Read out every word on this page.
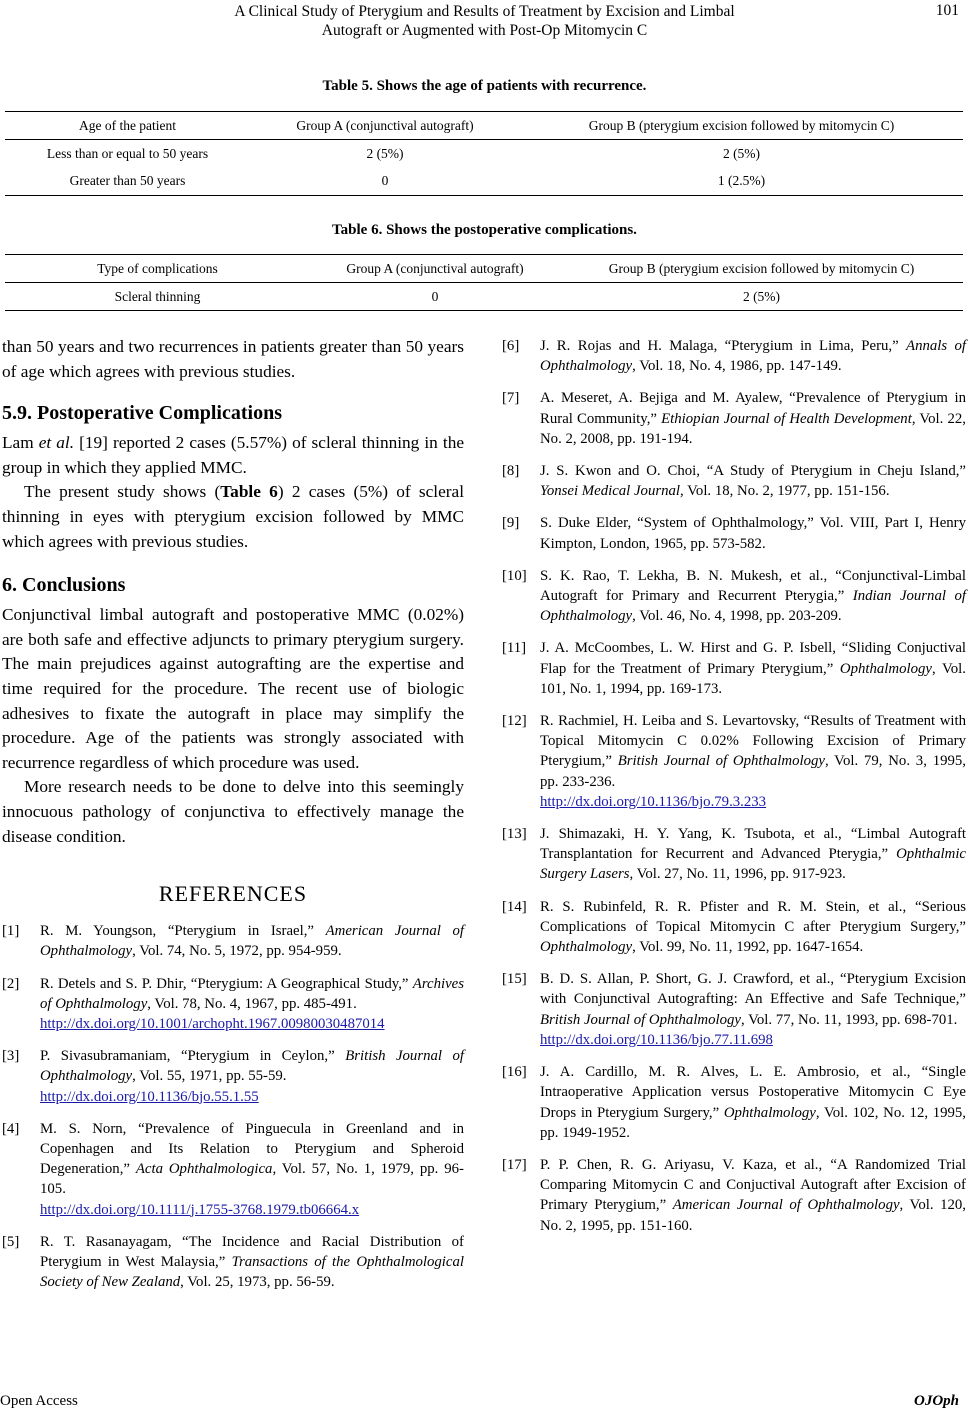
A Clinical Study of Pterygium and Results of Treatment by Excision and Limbal
Autograft or Augmented with Post-Op Mitomycin C
101
Table 5. Shows the age of patients with recurrence.
Age of the patient	Group A (conjunctival autograft)	Group B (pterygium excision followed by mitomycin C)
Less than or equal to 50 years	2 (5%)	2 (5%)
Greater than 50 years	0	1 (2.5%)
Table 6. Shows the postoperative complications.
Type of complications	Group A (conjunctival autograft)	Group B (pterygium excision followed by mitomycin C)
Scleral thinning	0	2 (5%)

than 50 years and two recurrences in patients greater than 50 years of age which agrees with previous studies.

5.9. Postoperative Complications

Lam et al. [19] reported 2 cases (5.57%) of scleral thinning in the group in which they applied MMC.

The present study shows (Table 6) 2 cases (5%) of scleral thinning in eyes with pterygium excision followed by MMC which agrees with previous studies.

6. Conclusions

Conjunctival limbal autograft and postoperative MMC (0.02%) are both safe and effective adjuncts to primary pterygium surgery. The main prejudices against autografting are the expertise and time required for the procedure. The recent use of biologic adhesives to fixate the autograft in place may simplify the procedure. Age of the patients was strongly associated with recurrence regardless of which procedure was used.

More research needs to be done to delve into this seemingly innocuous pathology of conjunctiva to effectively manage the disease condition.

REFERENCES
[1]	R. M. Youngson, “Pterygium in Israel,” American Journal of Ophthalmology, Vol. 74, No. 5, 1972, pp. 954-959.
[2]	R. Detels and S. P. Dhir, “Pterygium: A Geographical Study,” Archives of Ophthalmology, Vol. 78, No. 4, 1967, pp. 485-491.
http://dx.doi.org/10.1001/archopht.1967.00980030487014
[3]	P. Sivasubramaniam, “Pterygium in Ceylon,” British Journal of Ophthalmology, Vol. 55, 1971, pp. 55-59.
http://dx.doi.org/10.1136/bjo.55.1.55
[4]	M. S. Norn, “Prevalence of Pinguecula in Greenland and in Copenhagen and Its Relation to Pterygium and Spheroid Degeneration,” Acta Ophthalmologica, Vol. 57, No. 1, 1979, pp. 96-105.
http://dx.doi.org/10.1111/j.1755-3768.1979.tb06664.x
[5]	R. T. Rasanayagam, “The Incidence and Racial Distribution of Pterygium in West Malaysia,” Transactions of the Ophthalmological Society of New Zealand, Vol. 25, 1973, pp. 56-59.
[6]	J. R. Rojas and H. Malaga, “Pterygium in Lima, Peru,” Annals of Ophthalmology, Vol. 18, No. 4, 1986, pp. 147-149.
[7]	A. Meseret, A. Bejiga and M. Ayalew, “Prevalence of Pterygium in Rural Community,” Ethiopian Journal of Health Development, Vol. 22, No. 2, 2008, pp. 191-194.
[8]	J. S. Kwon and O. Choi, “A Study of Pterygium in Cheju Island,” Yonsei Medical Journal, Vol. 18, No. 2, 1977, pp. 151-156.
[9]	S. Duke Elder, “System of Ophthalmology,” Vol. VIII, Part I, Henry Kimpton, London, 1965, pp. 573-582.
[10] S. K. Rao, T. Lekha, B. N. Mukesh, et al., “Conjunctival-Limbal Autograft for Primary and Recurrent Pterygia,” Indian Journal of Ophthalmology, Vol. 46, No. 4, 1998, pp. 203-209.
[11] J. A. McCoombes, L. W. Hirst and G. P. Isbell, “Sliding Conjuctival Flap for the Treatment of Primary Pterygium,” Ophthalmology, Vol. 101, No. 1, 1994, pp. 169-173.
[12] R. Rachmiel, H. Leiba and S. Levartovsky, “Results of Treatment with Topical Mitomycin C 0.02% Following Excision of Primary Pterygium,” British Journal of Ophthalmology, Vol. 79, No. 3, 1995, pp. 233-236.
http://dx.doi.org/10.1136/bjo.79.3.233
[13] J. Shimazaki, H. Y. Yang, K. Tsubota, et al., “Limbal Autograft Transplantation for Recurrent and Advanced Pterygia,” Ophthalmic Surgery Lasers, Vol. 27, No. 11, 1996, pp. 917-923.
[14] R. S. Rubinfeld, R. R. Pfister and R. M. Stein, et al., “Serious Complications of Topical Mitomycin C after Pterygium Surgery,” Ophthalmology, Vol. 99, No. 11, 1992, pp. 1647-1654.
[15] B. D. S. Allan, P. Short, G. J. Crawford, et al., “Pterygium Excision with Conjunctival Autografting: An Effective and Safe Technique,” British Journal of Ophthalmology, Vol. 77, No. 11, 1993, pp. 698-701.
http://dx.doi.org/10.1136/bjo.77.11.698
[16] J. A. Cardillo, M. R. Alves, L. E. Ambrosio, et al., “Single Intraoperative Application versus Postoperative Mitomycin C Eye Drops in Pterygium Surgery,” Ophthalmology, Vol. 102, No. 12, 1995, pp. 1949-1952.
[17] P. P. Chen, R. G. Ariyasu, V. Kaza, et al., “A Randomized Trial Comparing Mitomycin C and Conjuctival Autograft after Excision of Primary Pterygium,” American Journal of Ophthalmology, Vol. 120, No. 2, 1995, pp. 151-160.
Open Access	OJOph
